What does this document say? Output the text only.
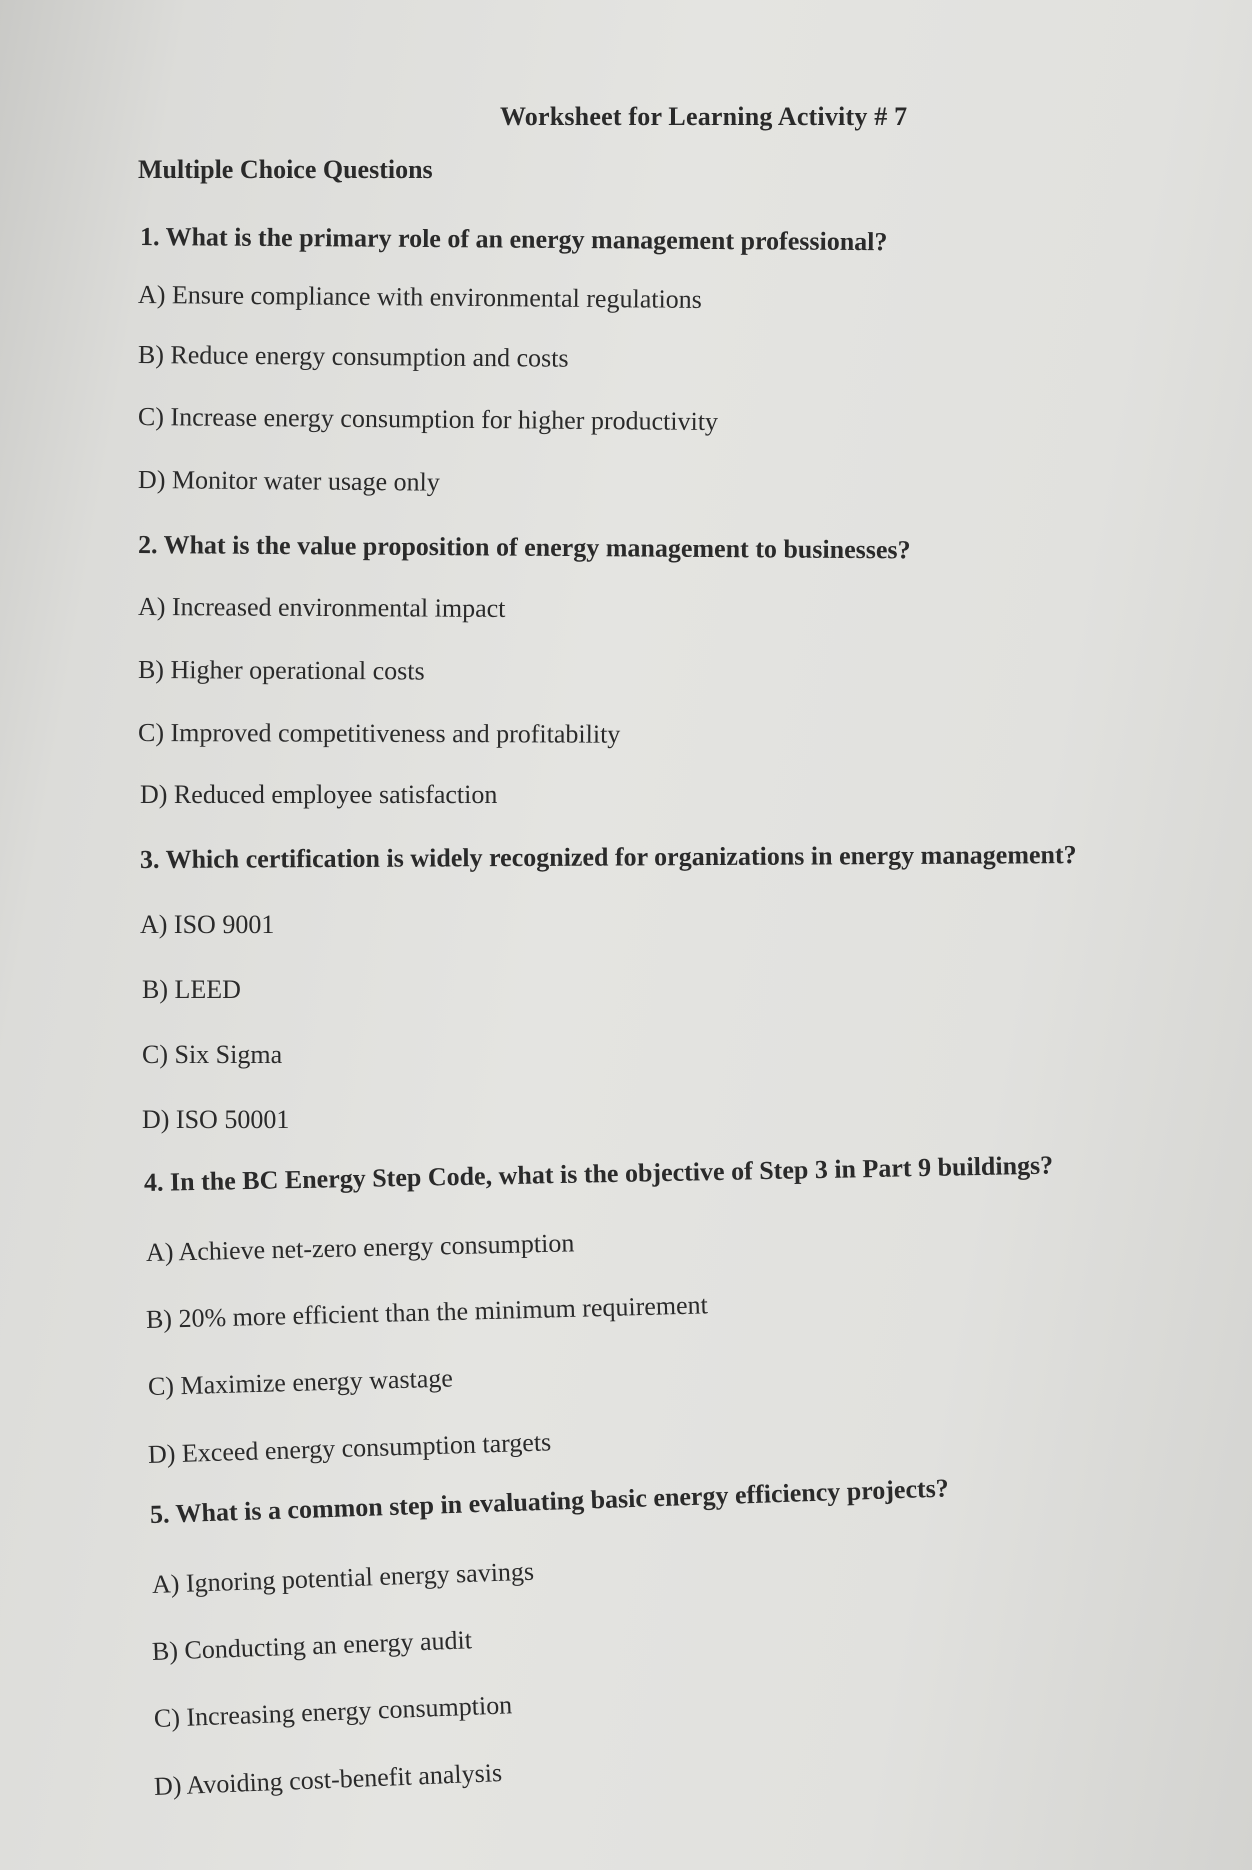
Worksheet for Learning Activity # 7
Multiple Choice Questions
1. What is the primary role of an energy management professional?
A) Ensure compliance with environmental regulations
B) Reduce energy consumption and costs
C) Increase energy consumption for higher productivity
D) Monitor water usage only
2. What is the value proposition of energy management to businesses?
A) Increased environmental impact
B) Higher operational costs
C) Improved competitiveness and profitability
D) Reduced employee satisfaction
3. Which certification is widely recognized for organizations in energy management?
A) ISO 9001
B) LEED
C) Six Sigma
D) ISO 50001
4. In the BC Energy Step Code, what is the objective of Step 3 in Part 9 buildings?
A) Achieve net-zero energy consumption
B) 20% more efficient than the minimum requirement
C) Maximize energy wastage
D) Exceed energy consumption targets
5. What is a common step in evaluating basic energy efficiency projects?
A) Ignoring potential energy savings
B) Conducting an energy audit
C) Increasing energy consumption
D) Avoiding cost-benefit analysis
